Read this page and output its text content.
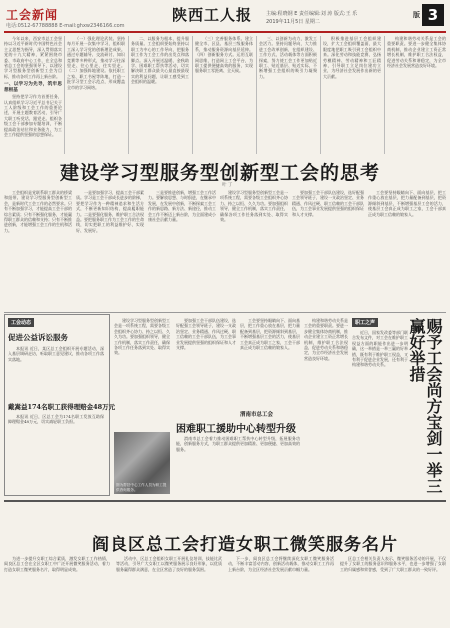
工会新闻
电话:0512-67788888 E-mail:ghxw2346166.com
陕西工人报	主编:程晓钢 E 责任编辑:刘 涛 版式:王 乐
2019年11月5日 星期二
版 3

今年以来，西安市总工会坚持以习近平新时代中国特色社会主义思想为指导，深入贯彻落实党的十九大精神，紧紧围绕市委、市政府中心工作，在全总和省总工会的坚强领导下，以建设学习型服务型创新型工会为目标，推动各项工作再上新台阶。

一、以学习为先导，筑牢思想根基

坚持把学习作为首要任务，认真组织学习习近平总书记关于工人阶级和工会工作的重要论述，开展主题教育活动，引导广大职工听党话、跟党走。组织各级工会干部参加专题培训，不断提高政治站位和业务能力，为工会工作提供坚强的思想保证。

（一）强化理论武装。坚持每月开展一次集中学习，组织职工深入学习党的创新理论成果。通过专题辅导、交流研讨、知识竞赛等多种形式，推动学习往深里走、往心里走、往实里走。（二）加强阵地建设。依托职工之家、职工书屋等阵地，打造一批学习型工会示范点，形成覆盖全市的学习网络。

二、以服务为根本，提升服务质量。工会组织要始终坚持以职工为中心的工作导向，把服务职工作为工会工作的出发点和落脚点。深入开展送温暖、金秋助学、困难职工帮扶等活动，切实解决职工群众最关心最直接最现实的利益问题，让职工感受到工会组织的温暖。

（三）完善服务体系。建立健全市、区县、基层三级服务体系，推动服务资源向基层延伸。（四）创新服务方式。运用互联网思维，打造网上工会平台，为职工提供便捷高效的服务，实现服务职工零距离、全天候。

三、以创新为动力，激发工会活力。坚持问题导向，大力推进工会改革创新，在组织建设、工作方式、活动载体等方面积极探索，努力使工会工作更加贴近职工、贴近基层、贴近实际，不断增强工会组织的吸引力凝聚力。

积极推进基层工会组织建设，扩大工会组织覆盖面，最大限度地把职工吸引到工会组织中来。深化劳动和技能竞赛，弘扬劳模精神、劳动精神和工匠精神，引导职工立足岗位建功立业，为经济社会发展作出新的更大贡献。

构建和谐劳动关系是工会的重要职责。要进一步健全集体协商机制，推动企业建立工资正常增长机制，维护职工合法权益，促进劳动关系和谐稳定，为全市经济社会发展营造良好环境。

建设学习型服务型创新型工会的思考
叶 丁

工会组织是党联系职工群众的桥梁和纽带。建设学习型服务型创新型工会，是新时代工会工作的必然要求。只有不断加强学习，才能提高工会干部的综合素质；只有不断强化服务，才能赢得职工群众的信赖和支持；只有不断推进创新，才能增强工会工作的生机和活力。

一是要加强学习，提高工会干部素质。学习是工会干部成长进步的阶梯，要把学习作为一种精神追求和生活方式，不断更新知识结构，提高履职能力。二是要强化服务，维护职工合法权益。要把服务职工作为工会工作的生命线，切实把职工的利益维护好、实现好、发展好。

三是要推进创新，增强工会工作活力。要解放思想、与时俱进，在继承中发展，在发展中创新，不断探索工会工作的新思路、新方法、新途径，推动工会工作不断迈上新台阶，为全面建成小康社会贡献力量。

建设学习型服务型创新型工会是一项系统工程，需要各级工会组织齐心协力、持之以恒、久久为功。要加强组织领导，健全工作机制，落实工作责任，确保各项工作任务落到实处、取得实效。

要加强工会干部队伍建设，选好配强工会领导班子，建设一支政治坚定、业务精通、作风过硬、职工信赖的工会干部队伍，为工会事业发展提供坚强的组织保证和人才支撑。

工会要坚持眼睛向下、面向基层，把工作重心放在基层，把力量配备到基层，把资源倾斜到基层，不断增强基层工会的活力，使基层工会真正成为职工之家，工会干部真正成为职工信赖的娘家人。

工会动态
促进公益诉讼服务

本报讯 近日，某区总工会组织开展专题活动，深入基层调研走访，听取职工意见建议，推动各项工作落实落地。

戴嵩益174名职工获得理赔金48万元

本报讯 近日，区总工会为174名职工发放互助保障理赔金48万元，切实减轻职工负担。

建设学习型服务型创新型工会是一项系统工程，需要各级工会组织齐心协力、持之以恒、久久为功。要加强组织领导，健全工作机制，落实工作责任，确保各项工作任务落到实处、取得实效。

图为帮扶中心工作人员为职工提供咨询服务。

要加强工会干部队伍建设，选好配强工会领导班子，建设一支政治坚定、业务精通、作风过硬、职工信赖的工会干部队伍，为工会事业发展提供坚强的组织保证和人才支撑。

渭南市总工会
困难职工援助中心转型升级

渭南市总工会着力推动困难职工帮扶中心转型升级，拓展服务功能，创新服务方式，为职工群众提供更加精准、更加便捷、更加高效的服务。

工会要坚持眼睛向下、面向基层，把工作重心放在基层，把力量配备到基层，把资源倾斜到基层，不断增强基层工会的活力，使基层工会真正成为职工之家，工会干部真正成为职工信赖的娘家人。

构建和谐劳动关系是工会的重要职责。要进一步健全集体协商机制，推动企业建立工资正常增长机制，维护职工合法权益，促进劳动关系和谐稳定，为全市经济社会发展营造良好环境。

职工之声

近日，国家发改委等部门联合发布文件，对工会在维护职工权益方面的职能作出进一步明确，这一举措是一举三赢的好举措，既有利于维护职工权益，又有利于促进企业发展，还有利于构建和谐劳动关系。	赐予工会尚方宝剑一举三赢好举措
阎良区总工会打造女职工微笑服务名片

为进一步提升女职工综合素质，激发女职工工作热情，阎良区总工会在全区女职工中广泛开展微笑服务活动，着力打造女职工微笑服务名片，取得明显成效。

活动中，区总工会组织女职工开展礼仪培训、技能比武等活动，引导广大女职工以微笑服务展示良好形象，以优质服务赢得群众满意，在全区营造了良好的服务氛围。

下一步，阎良区总工会将继续深化女职工微笑服务活动，不断丰富活动内容，创新活动载体，推动女职工工作再上新台阶，为全区经济社会发展贡献巾帼力量。

区总工会相关负责人表示，微笑服务活动的开展，不仅提升了女职工的服务意识和服务水平，也进一步增强了女职工的归属感和荣誉感，受到了广大职工群众的一致好评。
